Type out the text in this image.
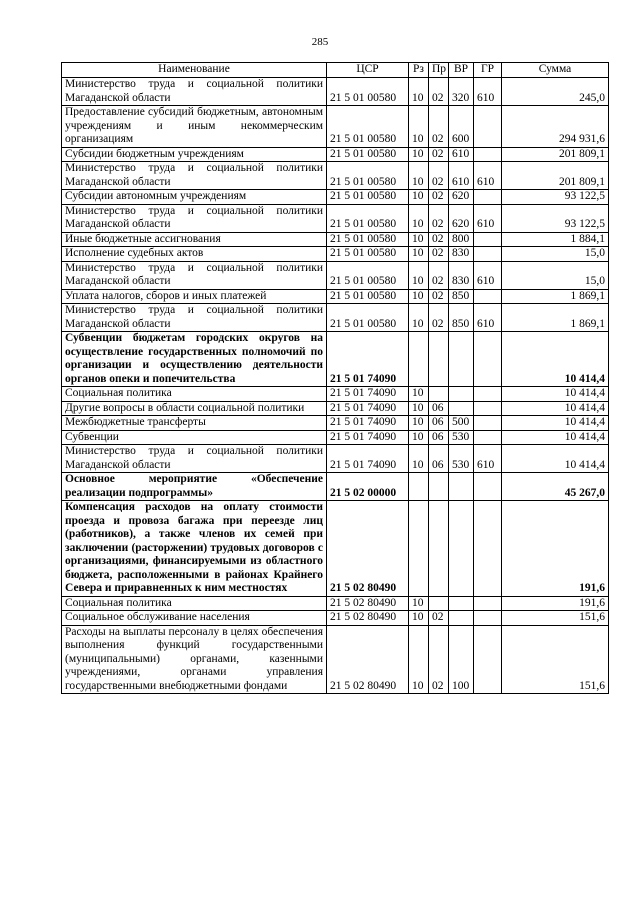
285
Наименование	ЦСР	Рз	Пр	ВР	ГР	Сумма
Министерство труда и социальной политики Магаданской области	21 5 01 00580	10	02	320	610	245,0
Предоставление субсидий бюджетным, автономным учреждениям и иным некоммерческим организациям	21 5 01 00580	10	02	600		294 931,6
Субсидии бюджетным учреждениям	21 5 01 00580	10	02	610		201 809,1
Министерство труда и социальной политики Магаданской области	21 5 01 00580	10	02	610	610	201 809,1
Субсидии автономным учреждениям	21 5 01 00580	10	02	620		93 122,5
Министерство труда и социальной политики Магаданской области	21 5 01 00580	10	02	620	610	93 122,5
Иные бюджетные ассигнования	21 5 01 00580	10	02	800		1 884,1
Исполнение судебных актов	21 5 01 00580	10	02	830		15,0
Министерство труда и социальной политики Магаданской области	21 5 01 00580	10	02	830	610	15,0
Уплата налогов, сборов и иных платежей	21 5 01 00580	10	02	850		1 869,1
Министерство труда и социальной политики Магаданской области	21 5 01 00580	10	02	850	610	1 869,1
Субвенции бюджетам городских округов на осуществление государственных полномочий по организации и осуществлению деятельности органов опеки и попечительства	21 5 01 74090					10 414,4
Социальная политика	21 5 01 74090	10				10 414,4
Другие вопросы в области социальной политики	21 5 01 74090	10	06			10 414,4
Межбюджетные трансферты	21 5 01 74090	10	06	500		10 414,4
Субвенции	21 5 01 74090	10	06	530		10 414,4
Министерство труда и социальной политики Магаданской области	21 5 01 74090	10	06	530	610	10 414,4
Основное мероприятие «Обеспечение реализации подпрограммы»	21 5 02 00000					45 267,0
Компенсация расходов на оплату стоимости проезда и провоза багажа при переезде лиц (работников), а также членов их семей при заключении (расторжении) трудовых договоров с организациями, финансируемыми из областного бюджета, расположенными в районах Крайнего Севера и приравненных к ним местностях	21 5 02 80490					191,6
Социальная политика	21 5 02 80490	10				191,6
Социальное обслуживание населения	21 5 02 80490	10	02			151,6
Расходы на выплаты персоналу в целях обеспечения выполнения функций государственными (муниципальными) органами, казенными учреждениями, органами управления государственными внебюджетными фондами	21 5 02 80490	10	02	100		151,6
